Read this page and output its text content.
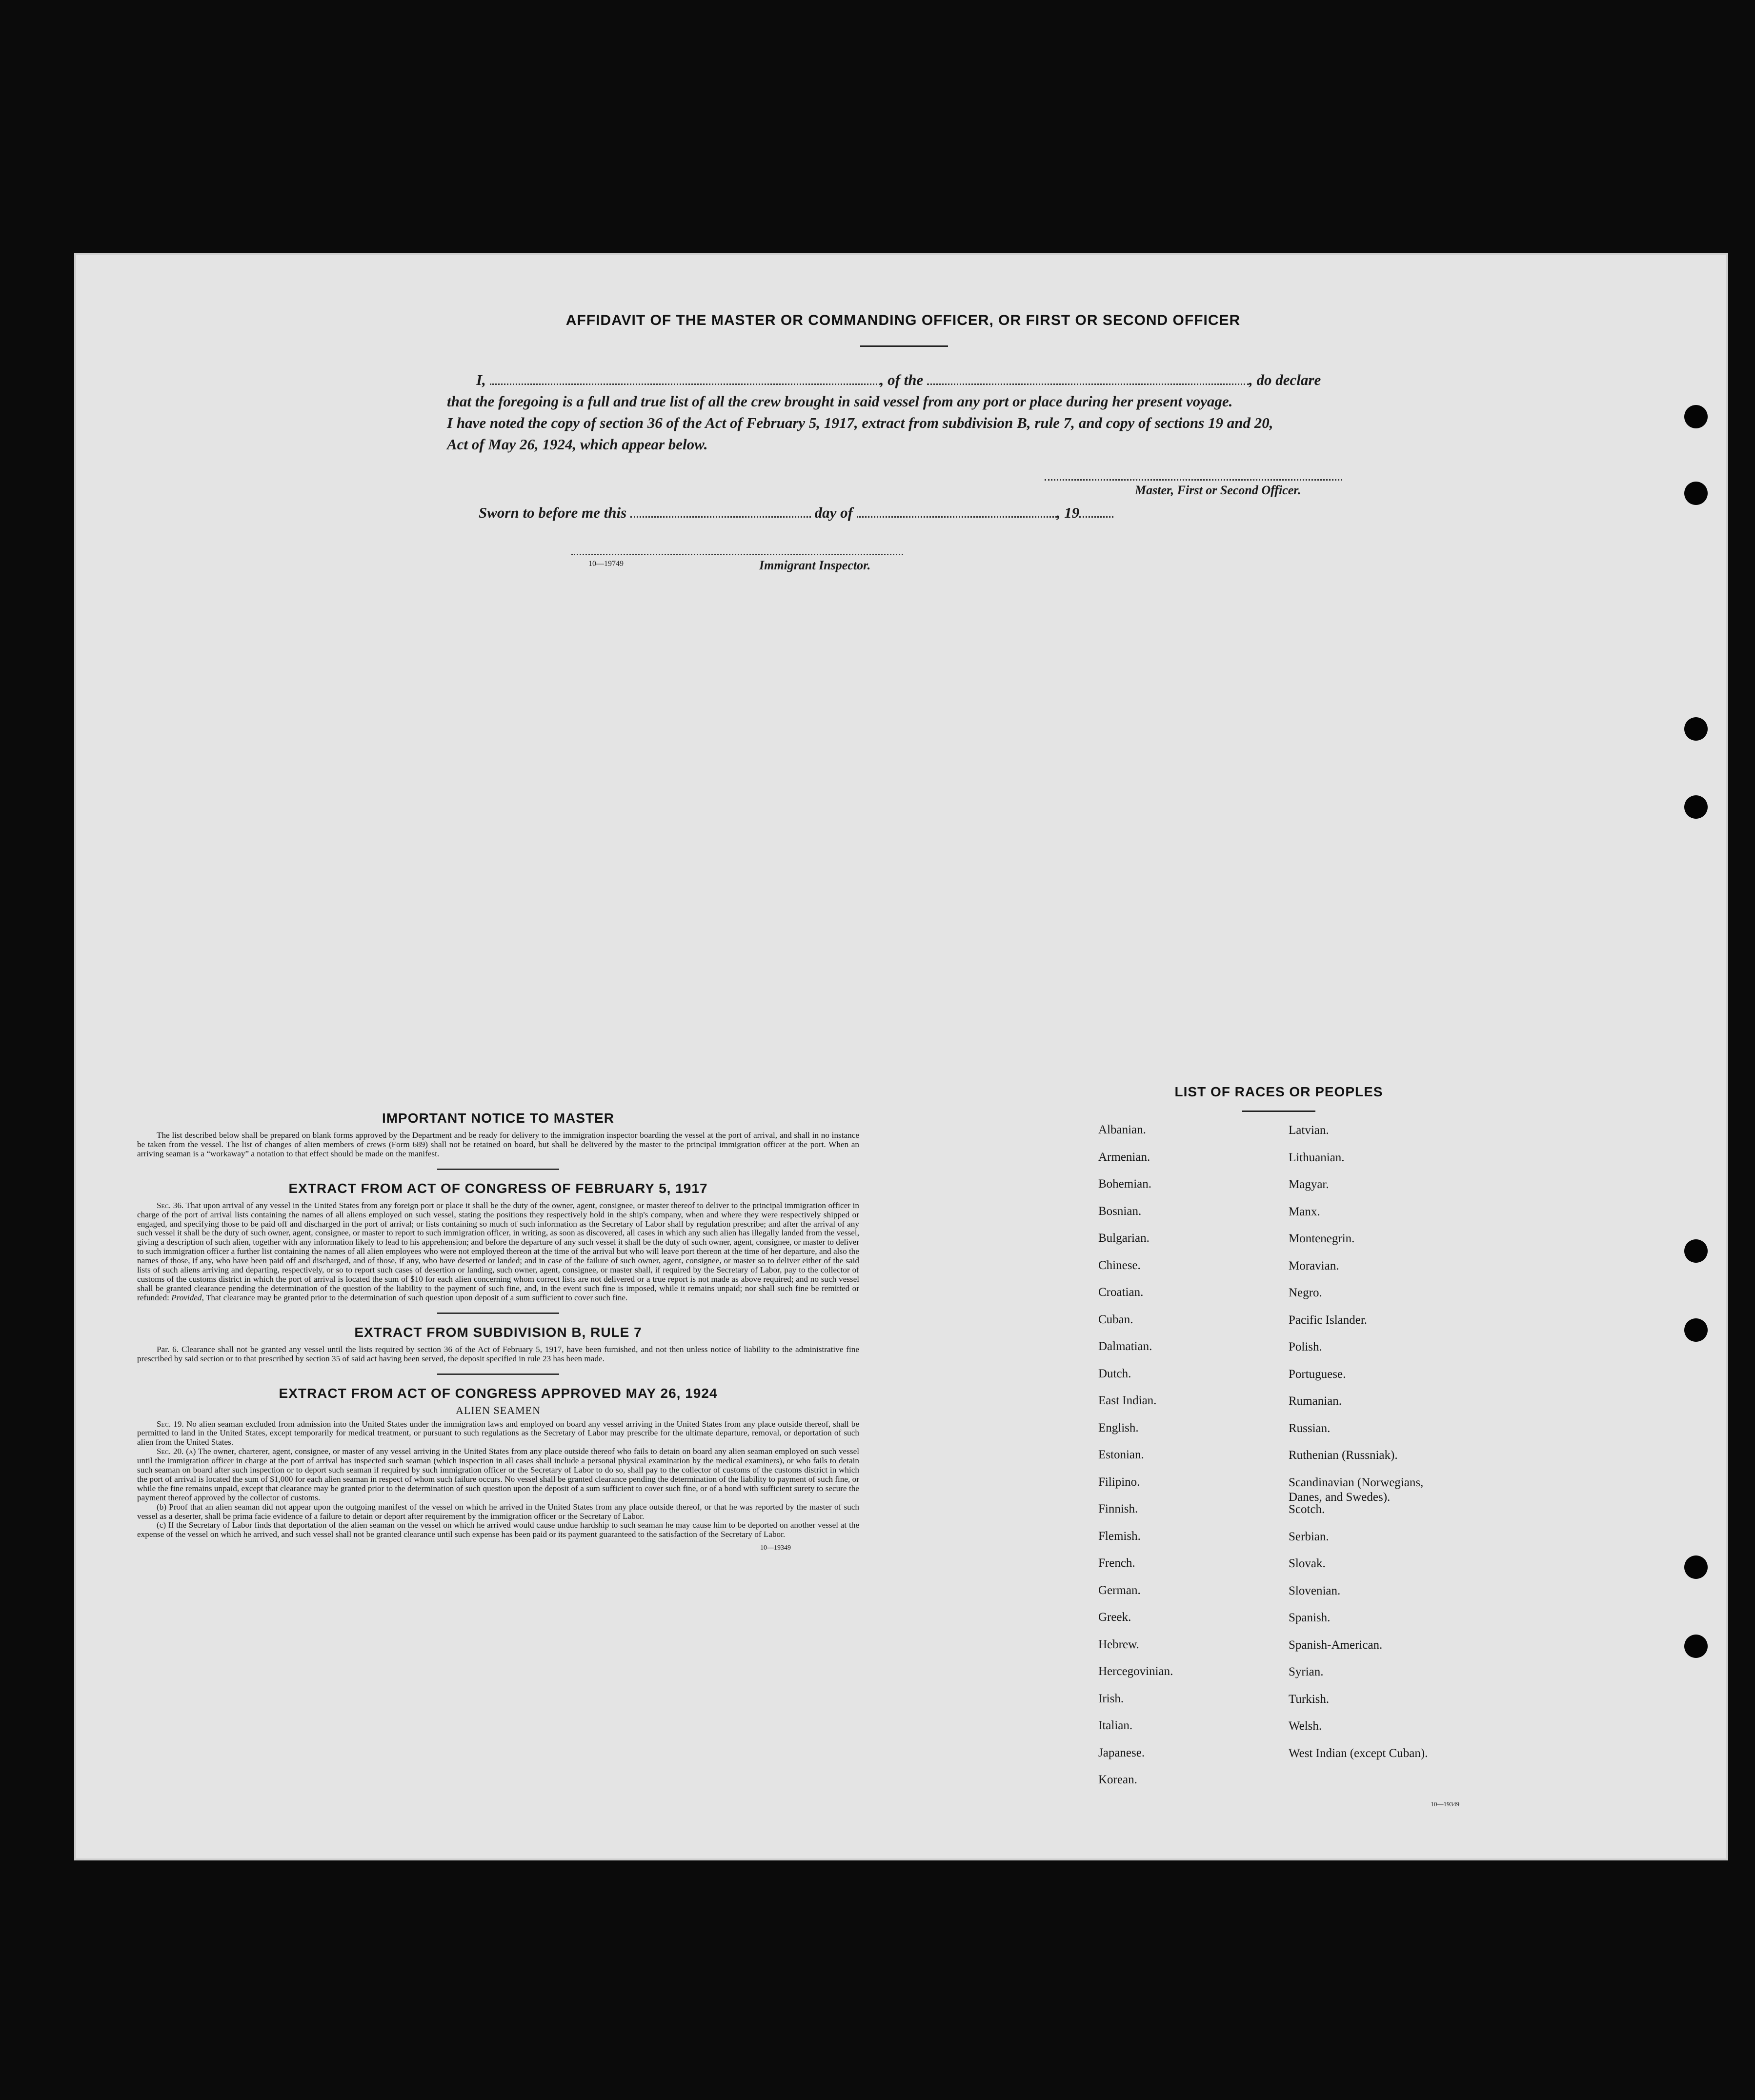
AFFIDAVIT OF THE MASTER OR COMMANDING OFFICER, OR FIRST OR SECOND OFFICER
I,	, of the	, do declare
that the foregoing is a full and true list of all the crew brought in said vessel from any port or place during her present voyage.
I have noted the copy of section 36 of the Act of February 5, 1917, extract from subdivision B, rule 7, and copy of sections 19 and 20,
Act of May 26, 1924, which appear below.
Master, First or Second Officer.
Sworn to before me this	day of	, 19
10—19749	Immigrant Inspector.
IMPORTANT NOTICE TO MASTER

The list described below shall be prepared on blank forms approved by the Department and be ready for delivery to the immigration inspector boarding the vessel at the port of arrival, and shall in no instance be taken from the vessel. The list of changes of alien members of crews (Form 689) shall not be retained on board, but shall be delivered by the master to the principal immigration officer at the port. When an arriving seaman is a “workaway” a notation to that effect should be made on the manifest.

EXTRACT FROM ACT OF CONGRESS OF FEBRUARY 5, 1917

Sec. 36. That upon arrival of any vessel in the United States from any foreign port or place it shall be the duty of the owner, agent, consignee, or master thereof to deliver to the principal immigration officer in charge of the port of arrival lists containing the names of all aliens employed on such vessel, stating the positions they respectively hold in the ship's company, when and where they were respectively shipped or engaged, and specifying those to be paid off and discharged in the port of arrival; or lists containing so much of such information as the Secretary of Labor shall by regulation prescribe; and after the arrival of any such vessel it shall be the duty of such owner, agent, consignee, or master to report to such immigration officer, in writing, as soon as discovered, all cases in which any such alien has illegally landed from the vessel, giving a description of such alien, together with any information likely to lead to his apprehension; and before the departure of any such vessel it shall be the duty of such owner, agent, consignee, or master to deliver to such immigration officer a further list containing the names of all alien employees who were not employed thereon at the time of the arrival but who will leave port thereon at the time of her departure, and also the names of those, if any, who have been paid off and discharged, and of those, if any, who have deserted or landed; and in case of the failure of such owner, agent, consignee, or master so to deliver either of the said lists of such aliens arriving and departing, respectively, or so to report such cases of desertion or landing, such owner, agent, consignee, or master shall, if required by the Secretary of Labor, pay to the collector of customs of the customs district in which the port of arrival is located the sum of $10 for each alien concerning whom correct lists are not delivered or a true report is not made as above required; and no such vessel shall be granted clearance pending the determination of the question of the liability to the payment of such fine, and, in the event such fine is imposed, while it remains unpaid; nor shall such fine be remitted or refunded: Provided, That clearance may be granted prior to the determination of such question upon deposit of a sum sufficient to cover such fine.

EXTRACT FROM SUBDIVISION B, RULE 7

Par. 6. Clearance shall not be granted any vessel until the lists required by section 36 of the Act of February 5, 1917, have been furnished, and not then unless notice of liability to the administrative fine prescribed by said section or to that prescribed by section 35 of said act having been served, the deposit specified in rule 23 has been made.

EXTRACT FROM ACT OF CONGRESS APPROVED MAY 26, 1924
ALIEN SEAMEN

Sec. 19. No alien seaman excluded from admission into the United States under the immigration laws and employed on board any vessel arriving in the United States from any place outside thereof, shall be permitted to land in the United States, except temporarily for medical treatment, or pursuant to such regulations as the Secretary of Labor may prescribe for the ultimate departure, removal, or deportation of such alien from the United States.

Sec. 20. (a) The owner, charterer, agent, consignee, or master of any vessel arriving in the United States from any place outside thereof who fails to detain on board any alien seaman employed on such vessel until the immigration officer in charge at the port of arrival has inspected such seaman (which inspection in all cases shall include a personal physical examination by the medical examiners), or who fails to detain such seaman on board after such inspection or to deport such seaman if required by such immigration officer or the Secretary of Labor to do so, shall pay to the collector of customs of the customs district in which the port of arrival is located the sum of $1,000 for each alien seaman in respect of whom such failure occurs. No vessel shall be granted clearance pending the determination of the liability to payment of such fine, or while the fine remains unpaid, except that clearance may be granted prior to the determination of such question upon the deposit of a sum sufficient to cover such fine, or of a bond with sufficient surety to secure the payment thereof approved by the collector of customs.

(b) Proof that an alien seaman did not appear upon the outgoing manifest of the vessel on which he arrived in the United States from any place outside thereof, or that he was reported by the master of such vessel as a deserter, shall be prima facie evidence of a failure to detain or deport after requirement by the immigration officer or the Secretary of Labor.

(c) If the Secretary of Labor finds that deportation of the alien seaman on the vessel on which he arrived would cause undue hardship to such seaman he may cause him to be deported on another vessel at the expense of the vessel on which he arrived, and such vessel shall not be granted clearance until such expense has been paid or its payment guaranteed to the satisfaction of the Secretary of Labor.

10—19349
LIST OF RACES OR PEOPLES
Albanian.	Latvian.
Armenian.	Lithuanian.
Bohemian.	Magyar.
Bosnian.	Manx.
Bulgarian.	Montenegrin.
Chinese.	Moravian.
Croatian.	Negro.
Cuban.	Pacific Islander.
Dalmatian.	Polish.
Dutch.	Portuguese.
East Indian.	Rumanian.
English.	Russian.
Estonian.	Ruthenian (Russniak).
Filipino.	Scandinavian (Norwegians, Danes, and Swedes).
Finnish.	Scotch.
Flemish.	Serbian.
French.	Slovak.
German.	Slovenian.
Greek.	Spanish.
Hebrew.	Spanish-American.
Hercegovinian.	Syrian.
Irish.	Turkish.
Italian.	Welsh.
Japanese.	West Indian (except Cuban).
Korean.
10—19349
